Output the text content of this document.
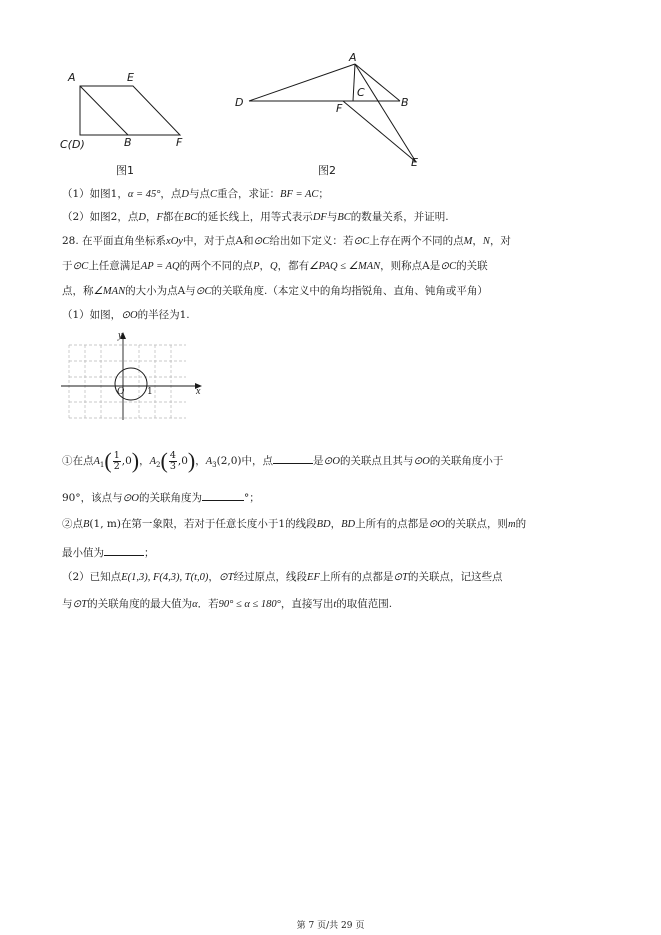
A	E
C(D)	B	F
图1
A
D
C
B
F
E
图2
（1）如图1，α = 45°，点D与点C重合，求证：BF = AC；
（2）如图2，点D，F都在BC的延长线上，用等式表示DF与BC的数量关系，并证明.
28. 在平面直角坐标系xOy中，对于点A和⊙C给出如下定义：若⊙C上存在两个不同的点M，N，对
于⊙C上任意满足AP = AQ的两个不同的点P，Q，都有∠PAQ ≤ ∠MAN，则称点A是⊙C的关联
点，称∠MAN的大小为点A与⊙C的关联角度.（本定义中的角均指锐角、直角、钝角或平角）
（1）如图，⊙O的半径为1.
y
x
O	1
①在点$A_1( \frac{1}{2} ,0)$，$A_2( \frac{4}{3} ,0)$，$A_3(2,0)$中，点	是⊙O的关联点且其与⊙O的关联角度小于
90°，该点与⊙O的关联角度为	°；
②点B(1, m)在第一象限，若对于任意长度小于1的线段BD，BD上所有的点都是⊙O的关联点，则m的
最小值为	；
（2）已知点E(1,3), F(4,3), T(t,0)，⊙T经过原点，线段EF上所有的点都是⊙T的关联点，记这些点
与⊙T的关联角度的最大值为α．若90° ≤ α ≤ 180°，直接写出t的取值范围.
第 7 页/共 29 页
